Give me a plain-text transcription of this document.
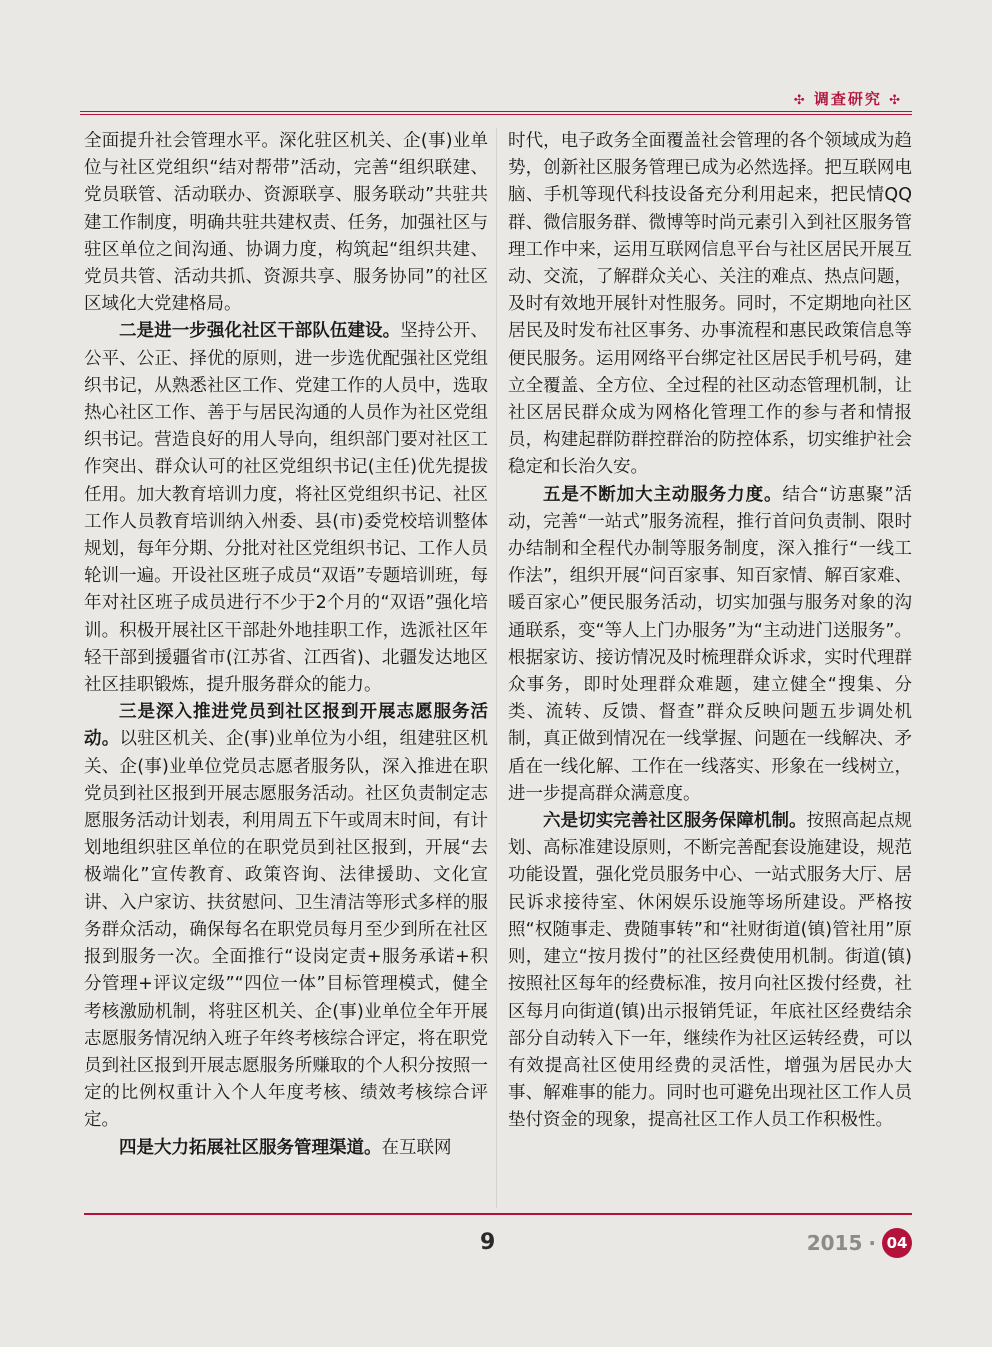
✣ 调查研究 ✣

全面提升社会管理水平。深化驻区机关、企(事)业单位与社区党组织“结对帮带”活动，完善“组织联建、党员联管、活动联办、资源联享、服务联动”共驻共建工作制度，明确共驻共建权责、任务，加强社区与驻区单位之间沟通、协调力度，构筑起“组织共建、党员共管、活动共抓、资源共享、服务协同”的社区区域化大党建格局。

二是进一步强化社区干部队伍建设。坚持公开、公平、公正、择优的原则，进一步选优配强社区党组织书记，从熟悉社区工作、党建工作的人员中，选取热心社区工作、善于与居民沟通的人员作为社区党组织书记。营造良好的用人导向，组织部门要对社区工作突出、群众认可的社区党组织书记(主任)优先提拔任用。加大教育培训力度，将社区党组织书记、社区工作人员教育培训纳入州委、县(市)委党校培训整体规划，每年分期、分批对社区党组织书记、工作人员轮训一遍。开设社区班子成员“双语”专题培训班，每年对社区班子成员进行不少于2个月的“双语”强化培训。积极开展社区干部赴外地挂职工作，选派社区年轻干部到援疆省市(江苏省、江西省)、北疆发达地区社区挂职锻炼，提升服务群众的能力。

三是深入推进党员到社区报到开展志愿服务活动。以驻区机关、企(事)业单位为小组，组建驻区机关、企(事)业单位党员志愿者服务队，深入推进在职党员到社区报到开展志愿服务活动。社区负责制定志愿服务活动计划表，利用周五下午或周末时间，有计划地组织驻区单位的在职党员到社区报到，开展“去极端化”宣传教育、政策咨询、法律援助、文化宣讲、入户家访、扶贫慰问、卫生清洁等形式多样的服务群众活动，确保每名在职党员每月至少到所在社区报到服务一次。全面推行“设岗定责+服务承诺+积分管理+评议定级”“四位一体”目标管理模式，健全考核激励机制，将驻区机关、企(事)业单位全年开展志愿服务情况纳入班子年终考核综合评定，将在职党员到社区报到开展志愿服务所赚取的个人积分按照一定的比例权重计入个人年度考核、绩效考核综合评定。

四是大力拓展社区服务管理渠道。在互联网

时代，电子政务全面覆盖社会管理的各个领域成为趋势，创新社区服务管理已成为必然选择。把互联网电脑、手机等现代科技设备充分利用起来，把民情QQ群、微信服务群、微博等时尚元素引入到社区服务管理工作中来，运用互联网信息平台与社区居民开展互动、交流，了解群众关心、关注的难点、热点问题，及时有效地开展针对性服务。同时，不定期地向社区居民及时发布社区事务、办事流程和惠民政策信息等便民服务。运用网络平台绑定社区居民手机号码，建立全覆盖、全方位、全过程的社区动态管理机制，让社区居民群众成为网格化管理工作的参与者和情报员，构建起群防群控群治的防控体系，切实维护社会稳定和长治久安。

五是不断加大主动服务力度。结合“访惠聚”活动，完善“一站式”服务流程，推行首问负责制、限时办结制和全程代办制等服务制度，深入推行“一线工作法”，组织开展“问百家事、知百家情、解百家难、暖百家心”便民服务活动，切实加强与服务对象的沟通联系，变“等人上门办服务”为“主动进门送服务”。根据家访、接访情况及时梳理群众诉求，实时代理群众事务，即时处理群众难题，建立健全“搜集、分类、流转、反馈、督查”群众反映问题五步调处机制，真正做到情况在一线掌握、问题在一线解决、矛盾在一线化解、工作在一线落实、形象在一线树立，进一步提高群众满意度。

六是切实完善社区服务保障机制。按照高起点规划、高标准建设原则，不断完善配套设施建设，规范功能设置，强化党员服务中心、一站式服务大厅、居民诉求接待室、休闲娱乐设施等场所建设。严格按照“权随事走、费随事转”和“社财街道(镇)管社用”原则，建立“按月拨付”的社区经费使用机制。街道(镇)按照社区每年的经费标准，按月向社区拨付经费，社区每月向街道(镇)出示报销凭证，年底社区经费结余部分自动转入下一年，继续作为社区运转经费，可以有效提高社区使用经费的灵活性，增强为居民办大事、解难事的能力。同时也可避免出现社区工作人员垫付资金的现象，提高社区工作人员工作积极性。

9	2015 · 04
